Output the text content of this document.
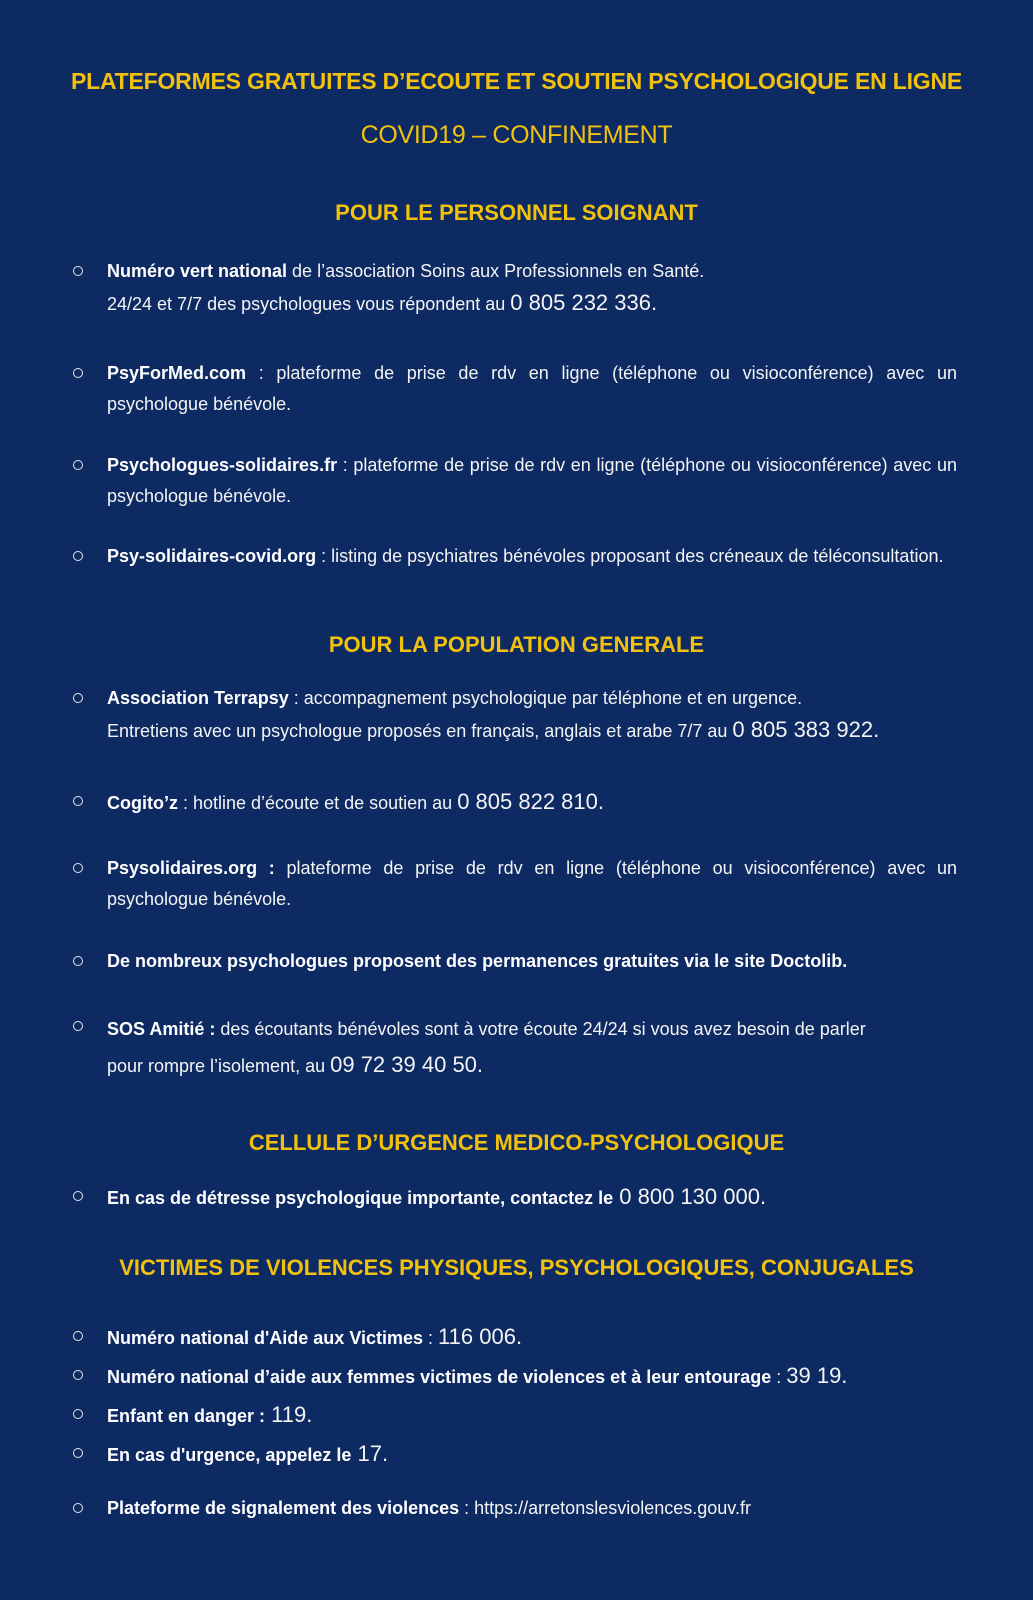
PLATEFORMES GRATUITES D’ECOUTE ET SOUTIEN PSYCHOLOGIQUE EN LIGNE
COVID19 – CONFINEMENT
POUR LE PERSONNEL SOIGNANT
Numéro vert national de l’association Soins aux Professionnels en Santé.
24/24 et 7/7 des psychologues vous répondent au 0 805 232 336.
PsyForMed.com : plateforme de prise de rdv en ligne (téléphone ou visioconférence) avec un psychologue bénévole.
Psychologues-solidaires.fr : plateforme de prise de rdv en ligne (téléphone ou visioconférence) avec un psychologue bénévole.
Psy-solidaires-covid.org : listing de psychiatres bénévoles proposant des créneaux de téléconsultation.
POUR LA POPULATION GENERALE
Association Terrapsy : accompagnement psychologique par téléphone et en urgence.
Entretiens avec un psychologue proposés en français, anglais et arabe 7/7 au 0 805 383 922.
Cogito’z : hotline d’écoute et de soutien au 0 805 822 810.
Psysolidaires.org : plateforme de prise de rdv en ligne (téléphone ou visioconférence) avec un psychologue bénévole.
De nombreux psychologues proposent des permanences gratuites via le site Doctolib.
SOS Amitié : des écoutants bénévoles sont à votre écoute 24/24 si vous avez besoin de parler
pour rompre l’isolement, au 09 72 39 40 50.
CELLULE D’URGENCE MEDICO-PSYCHOLOGIQUE
En cas de détresse psychologique importante, contactez le 0 800 130 000.
VICTIMES DE VIOLENCES PHYSIQUES, PSYCHOLOGIQUES, CONJUGALES
Numéro national d'Aide aux Victimes : 116 006.
Numéro national d’aide aux femmes victimes de violences et à leur entourage : 39 19.
Enfant en danger : 119.
En cas d'urgence, appelez le 17.
Plateforme de signalement des violences : https://arretonslesviolences.gouv.fr
